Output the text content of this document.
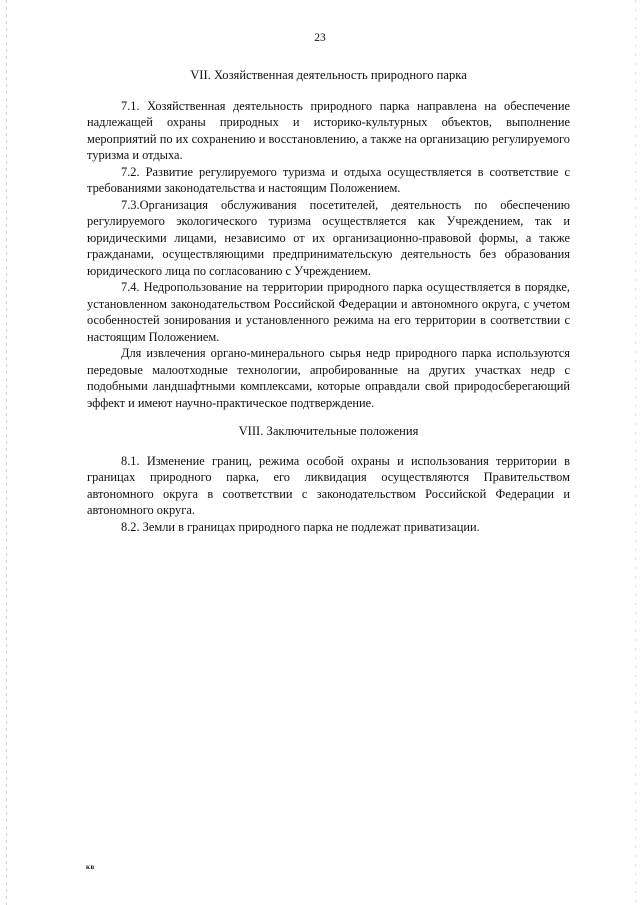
23

VII. Хозяйственная деятельность природного парка

7.1. Хозяйственная деятельность природного парка направлена на обеспечение надлежащей охраны природных и историко-культурных объектов, выполнение мероприятий по их сохранению и восстановлению, а также на организацию регулируемого туризма и отдыха.

7.2. Развитие регулируемого туризма и отдыха осуществляется в соответствие с требованиями законодательства и настоящим Положением.

7.3.Организация обслуживания посетителей, деятельность по обеспечению регулируемого экологического туризма осуществляется как Учреждением, так и юридическими лицами, независимо от их организационно-правовой формы, а также гражданами, осуществляющими предпринимательскую деятельность без образования юридического лица по согласованию с Учреждением.

7.4. Недропользование на территории природного парка осуществляется в порядке, установленном законодательством Российской Федерации и автономного округа, с учетом особенностей зонирования и установленного режима на его территории в соответствии с настоящим Положением.

Для извлечения органо-минерального сырья недр природного парка используются передовые малоотходные технологии, апробированные на других участках недр с подобными ландшафтными комплексами, которые оправдали свой природосберегающий эффект и имеют научно-практическое подтверждение.

VIII. Заключительные положения

8.1. Изменение границ, режима особой охраны и использования территории в границах природного парка, его ликвидация осуществляются Правительством автономного округа в соответствии с законодательством Российской Федерации и автономного округа.

8.2. Земли в границах природного парка не подлежат приватизации.

кв
